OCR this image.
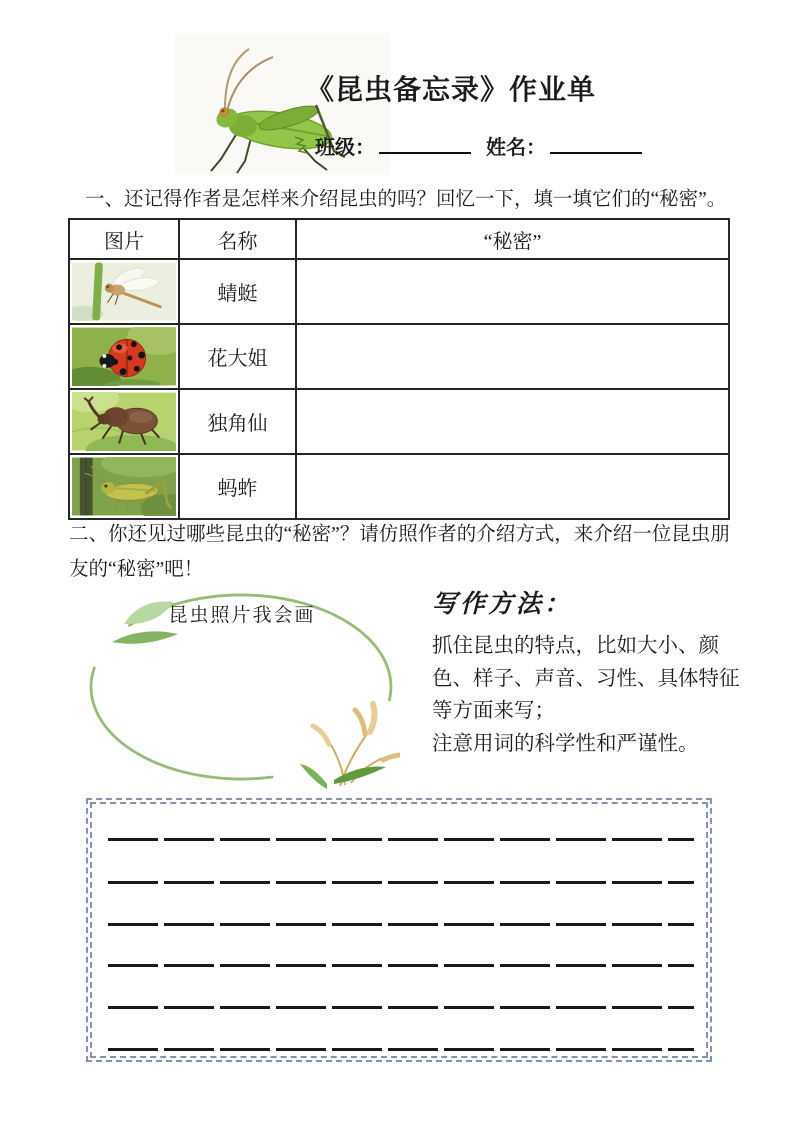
《昆虫备忘录》作业单
班级：	姓名：

一、还记得作者是怎样来介绍昆虫的吗？回忆一下，填一填它们的“秘密”。

图片	名称	“秘密”

	蜻蜓	

	花大姐	

	独角仙	

	蚂蚱	

二、你还见过哪些昆虫的“秘密”？请仿照作者的介绍方式，来介绍一位昆虫朋友的“秘密”吧！

昆虫照片我会画	写作方法：

抓住昆虫的特点，比如大小、颜色、样子、声音、习性、具体特征等方面来写；

注意用词的科学性和严谨性。
